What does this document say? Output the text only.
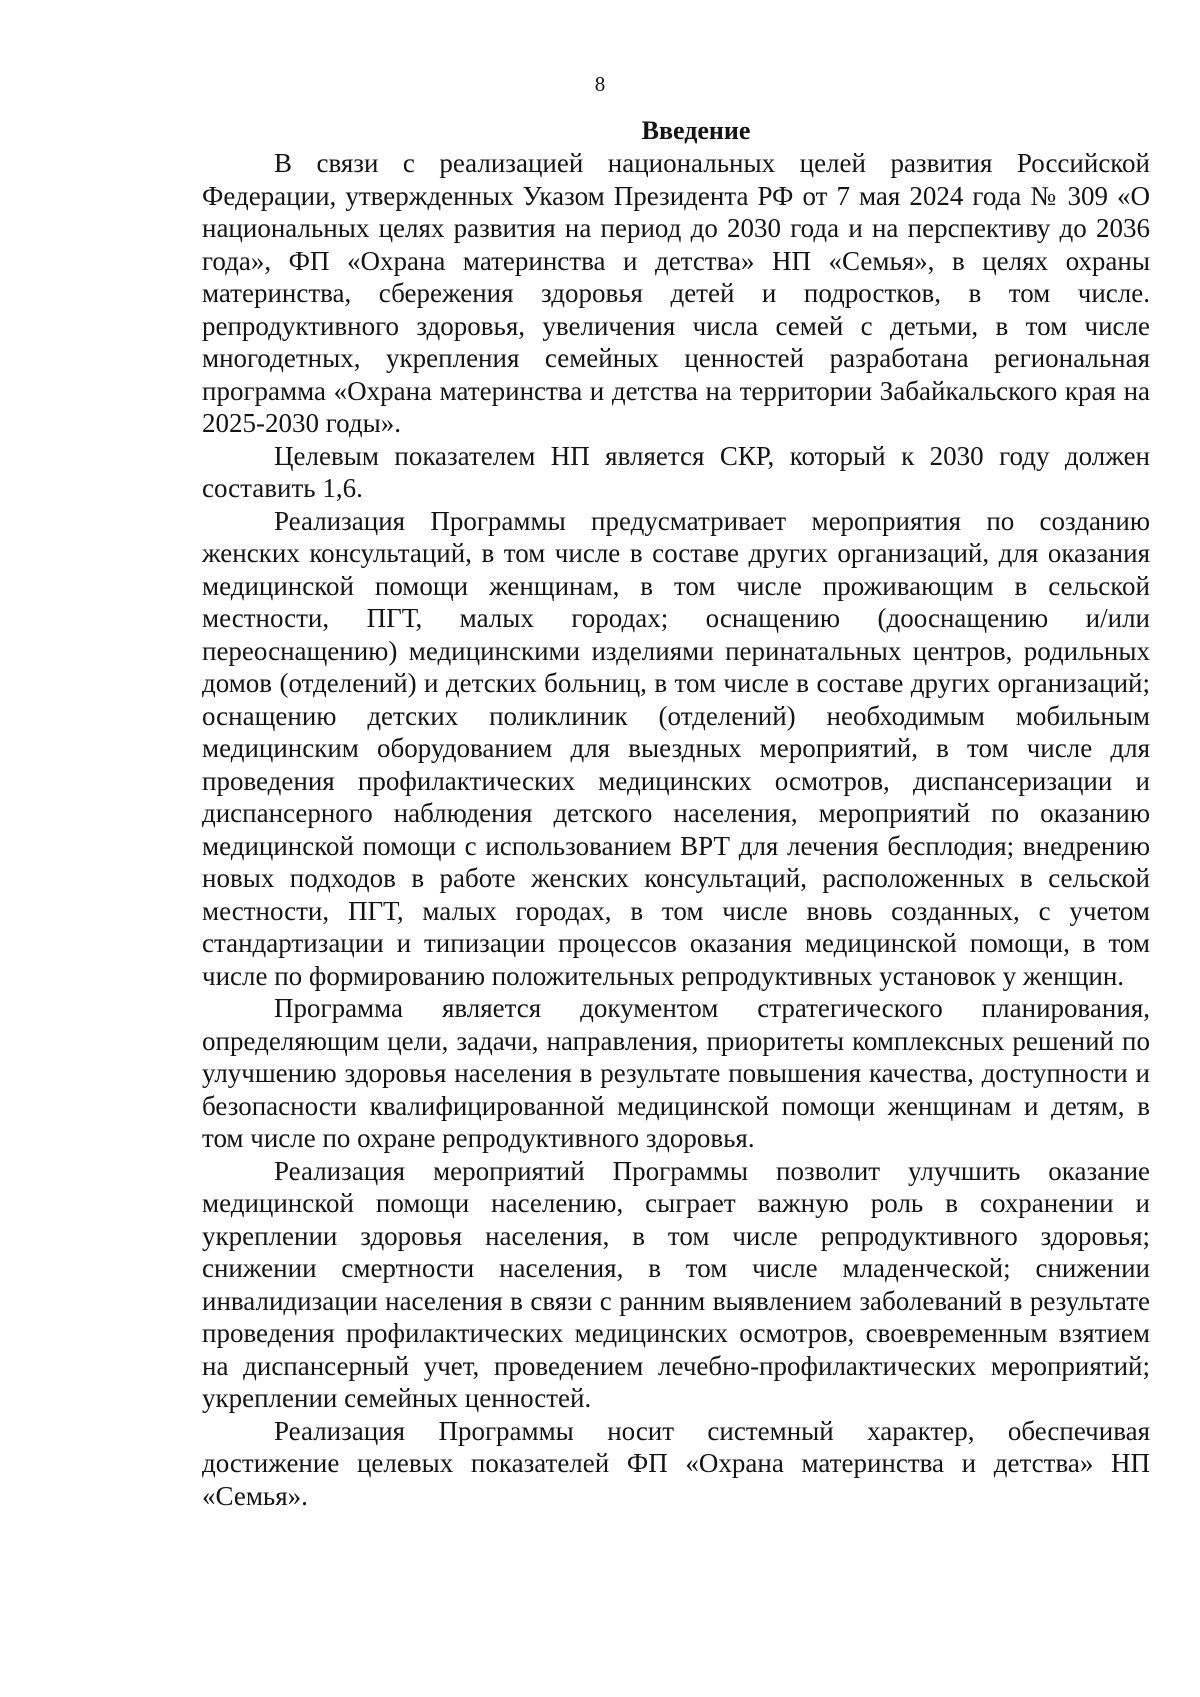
8
Введение

В связи с реализацией национальных целей развития Российской Федерации, утвержденных Указом Президента РФ от 7 мая 2024 года № 309 «О национальных целях развития на период до 2030 года и на перспективу до 2036 года», ФП «Охрана материнства и детства» НП «Семья», в целях охраны материнства, сбережения здоровья детей и подростков, в том числе. репродуктивного здоровья, увеличения числа семей с детьми, в том числе многодетных, укрепления семейных ценностей разработана региональная программа «Охрана материнства и детства на территории Забайкальского края на 2025-2030 годы».

Целевым показателем НП является СКР, который к 2030 году должен составить 1,6.

Реализация Программы предусматривает мероприятия по созданию женских консультаций, в том числе в составе других организаций, для оказания медицинской помощи женщинам, в том числе проживающим в сельской местности, ПГТ, малых городах; оснащению (дооснащению и/или переоснащению) медицинскими изделиями перинатальных центров, родильных домов (отделений) и детских больниц, в том числе в составе других организаций; оснащению детских поликлиник (отделений) необходимым мобильным медицинским оборудованием для выездных мероприятий, в том числе для проведения профилактических медицинских осмотров, диспансеризации и диспансерного наблюдения детского населения, мероприятий по оказанию медицинской помощи с использованием ВРТ для лечения бесплодия; внедрению новых подходов в работе женских консультаций, расположенных в сельской местности, ПГТ, малых городах, в том числе вновь созданных, с учетом стандартизации и типизации процессов оказания медицинской помощи, в том числе по формированию положительных репродуктивных установок у женщин.

Программа является документом стратегического планирования, определяющим цели, задачи, направления, приоритеты комплексных решений по улучшению здоровья населения в результате повышения качества, доступности и безопасности квалифицированной медицинской помощи женщинам и детям, в том числе по охране репродуктивного здоровья.

Реализация мероприятий Программы позволит улучшить оказание медицинской помощи населению, сыграет важную роль в сохранении и укреплении здоровья населения, в том числе репродуктивного здоровья; снижении смертности населения, в том числе младенческой; снижении инвалидизации населения в связи с ранним выявлением заболеваний в результате проведения профилактических медицинских осмотров, своевременным взятием на диспансерный учет, проведением лечебно-профилактических мероприятий; укреплении семейных ценностей.

Реализация Программы носит системный характер, обеспечивая достижение целевых показателей ФП «Охрана материнства и детства» НП «Семья».
